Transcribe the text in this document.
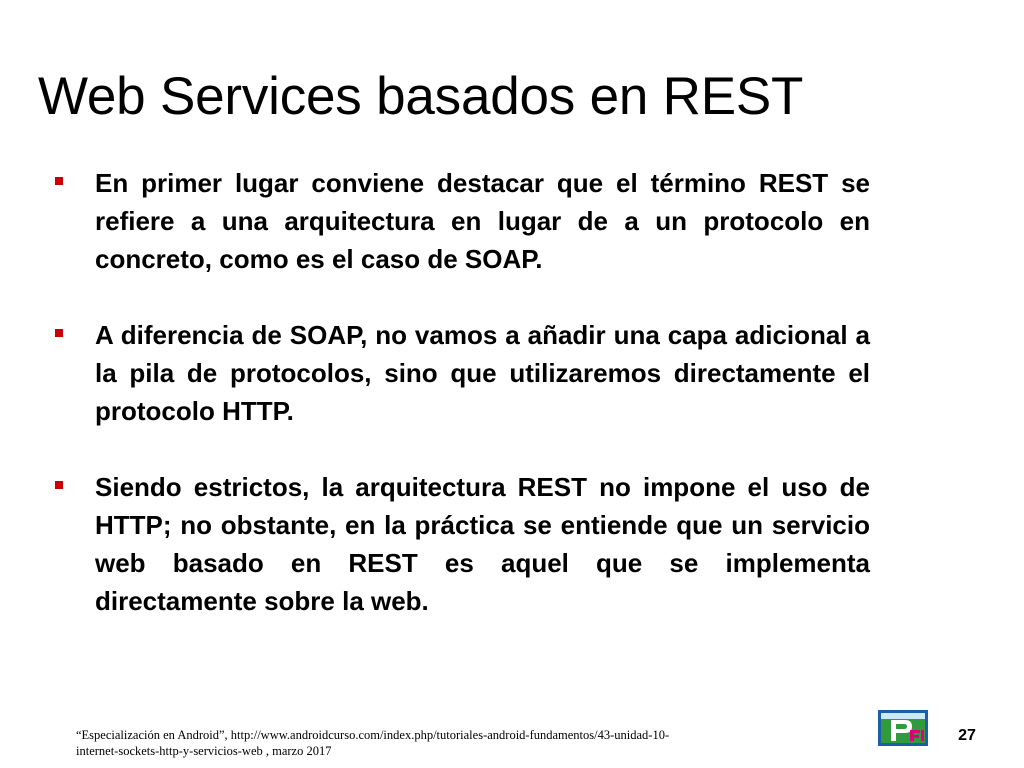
Web Services basados en REST
En primer lugar conviene destacar que el término REST se refiere a una arquitectura en lugar de a un protocolo en concreto, como es el caso de SOAP.
A diferencia de SOAP, no vamos a añadir una capa adicional a la pila de protocolos, sino que utilizaremos directamente el protocolo HTTP.
Siendo estrictos, la arquitectura REST no impone el uso de HTTP; no obstante, en la práctica se entiende que un servicio web basado en REST es aquel que se implementa directamente sobre la web.

“Especialización en Android”, http://www.androidcurso.com/index.php/tutoriales-android-fundamentos/43-unidad-10-
internet-sockets-http-y-servicios-web , marzo 2017

27
